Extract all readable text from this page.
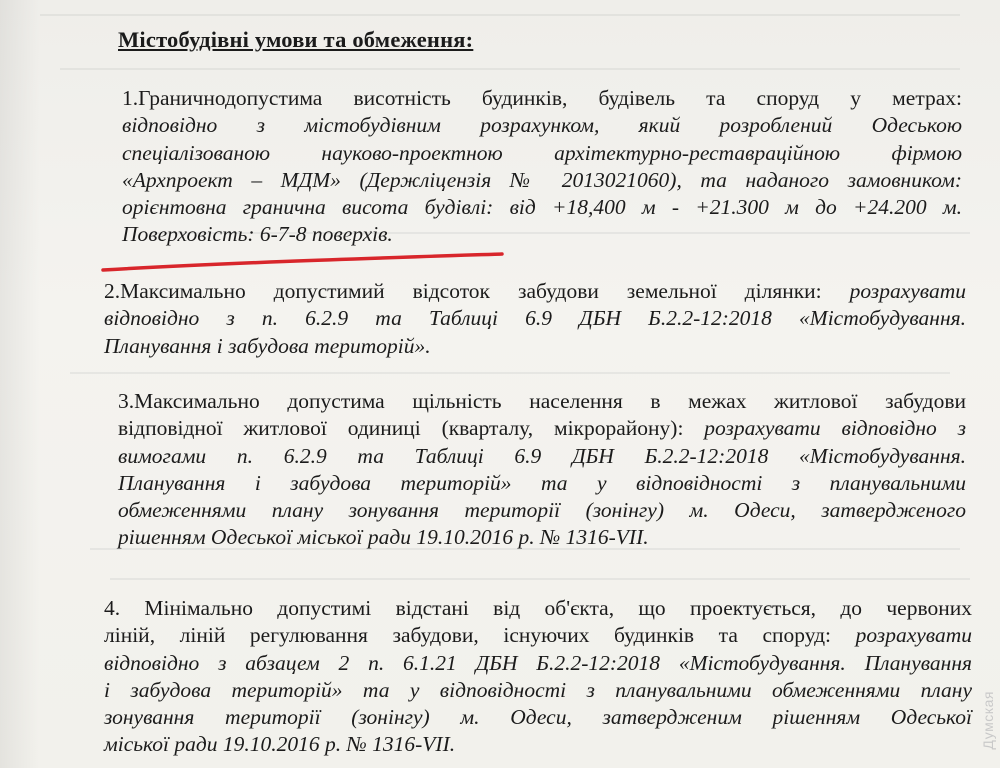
Містобудівні умови та обмеження:
1.Граничнодопустима висотність будинків, будівель та споруд у метрах:
відповідно з містобудівним розрахунком, який розроблений Одеською
спеціалізованою науково-проектною архітектурно-реставраційною фірмою
«Архпроект – МДМ» (Держліцензія № 2013021060), та наданого замовником:
орієнтовна гранична висота будівлі: від +18,400 м - +21.300 м до +24.200 м.
Поверховість: 6-7-8 поверхів.
2.Максимально допустимий відсоток забудови земельної ділянки: розрахувати
відповідно з п. 6.2.9 та Таблиці 6.9 ДБН Б.2.2-12:2018 «Містобудування.
Планування і забудова територій».
3.Максимально допустима щільність населення в межах житлової забудови
відповідної житлової одиниці (кварталу, мікрорайону): розрахувати відповідно з
вимогами п. 6.2.9 та Таблиці 6.9 ДБН Б.2.2-12:2018 «Містобудування.
Планування і забудова територій» та у відповідності з планувальними
обмеженнями плану зонування території (зонінгу) м. Одеси, затвердженого
рішенням Одеської міської ради 19.10.2016 р. № 1316-VII.
4. Мінімально допустимі відстані від об'єкта, що проектується, до червоних
ліній, ліній регулювання забудови, існуючих будинків та споруд: розрахувати
відповідно з абзацем 2 п. 6.1.21 ДБН Б.2.2-12:2018 «Містобудування. Планування
і забудова територій» та у відповідності з планувальними обмеженнями плану
зонування території (зонінгу) м. Одеси, затвердженим рішенням Одеської
міської ради 19.10.2016 р. № 1316-VII.	Думская
